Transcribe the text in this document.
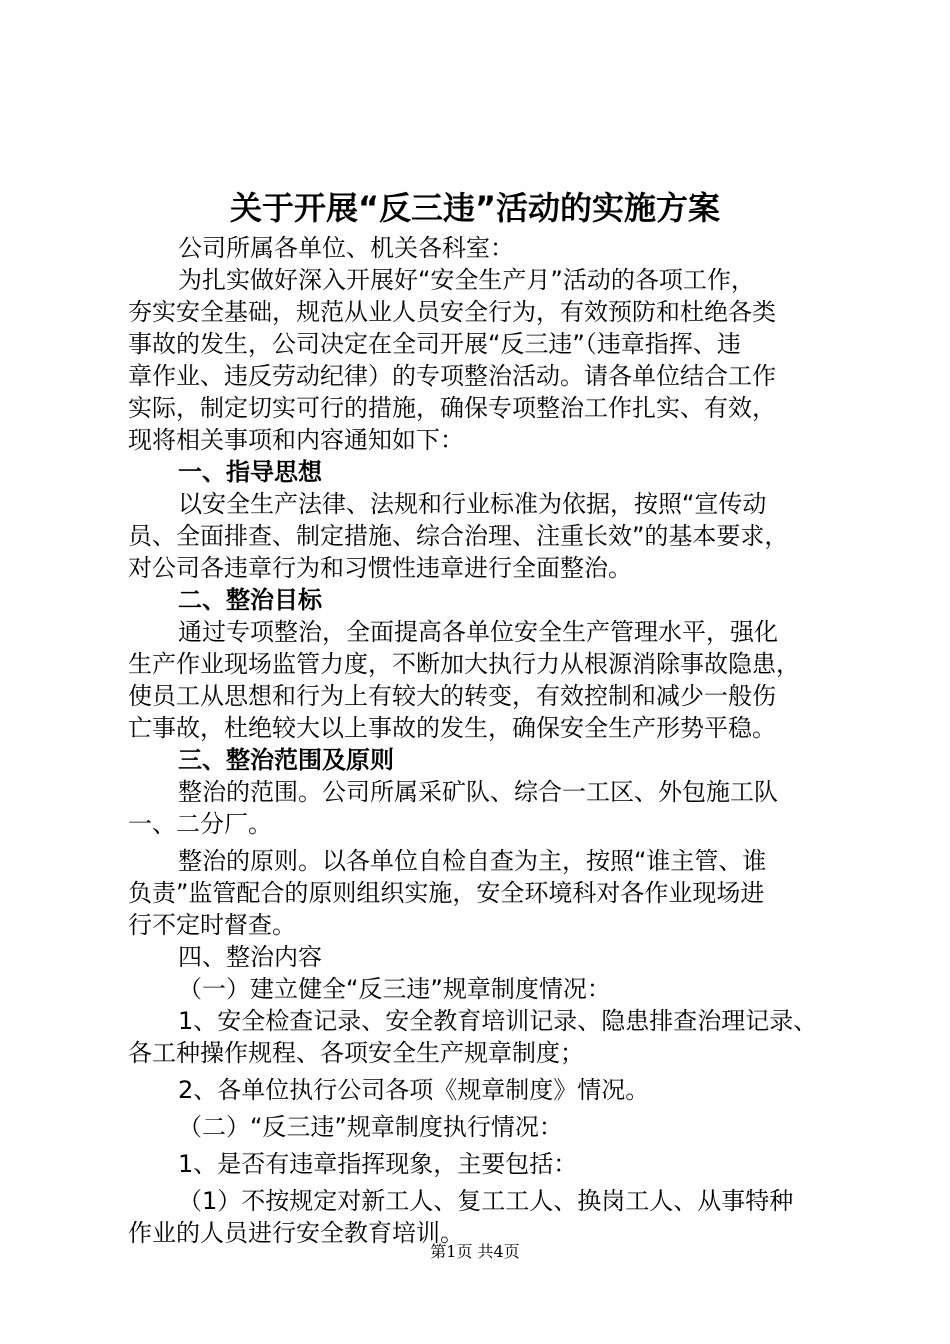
关于开展“反三违”活动的实施方案
公司所属各单位、机关各科室：
为扎实做好深入开展好“安全生产月”活动的各项工作，
夯实安全基础，规范从业人员安全行为，有效预防和杜绝各类
事故的发生，公司决定在全司开展“反三违”（违章指挥、违
章作业、违反劳动纪律）的专项整治活动。请各单位结合工作
实际，制定切实可行的措施，确保专项整治工作扎实、有效，
现将相关事项和内容通知如下：
一、指导思想
以安全生产法律、法规和行业标准为依据，按照“宣传动
员、全面排查、制定措施、综合治理、注重长效”的基本要求，
对公司各违章行为和习惯性违章进行全面整治。
二、整治目标
通过专项整治，全面提高各单位安全生产管理水平，强化
生产作业现场监管力度，不断加大执行力从根源消除事故隐患，
使员工从思想和行为上有较大的转变，有效控制和减少一般伤
亡事故，杜绝较大以上事故的发生，确保安全生产形势平稳。
三、整治范围及原则
整治的范围。公司所属采矿队、综合一工区、外包施工队
一、二分厂。
整治的原则。以各单位自检自查为主，按照“谁主管、谁
负责”监管配合的原则组织实施，安全环境科对各作业现场进
行不定时督查。
四、整治内容
（一）建立健全“反三违”规章制度情况：
1、安全检查记录、安全教育培训记录、隐患排查治理记录、
各工种操作规程、各项安全生产规章制度；
2、各单位执行公司各项《规章制度》情况。
（二）“反三违”规章制度执行情况：
1、是否有违章指挥现象，主要包括：
（1）不按规定对新工人、复工工人、换岗工人、从事特种
作业的人员进行安全教育培训。
第1页 共4页
